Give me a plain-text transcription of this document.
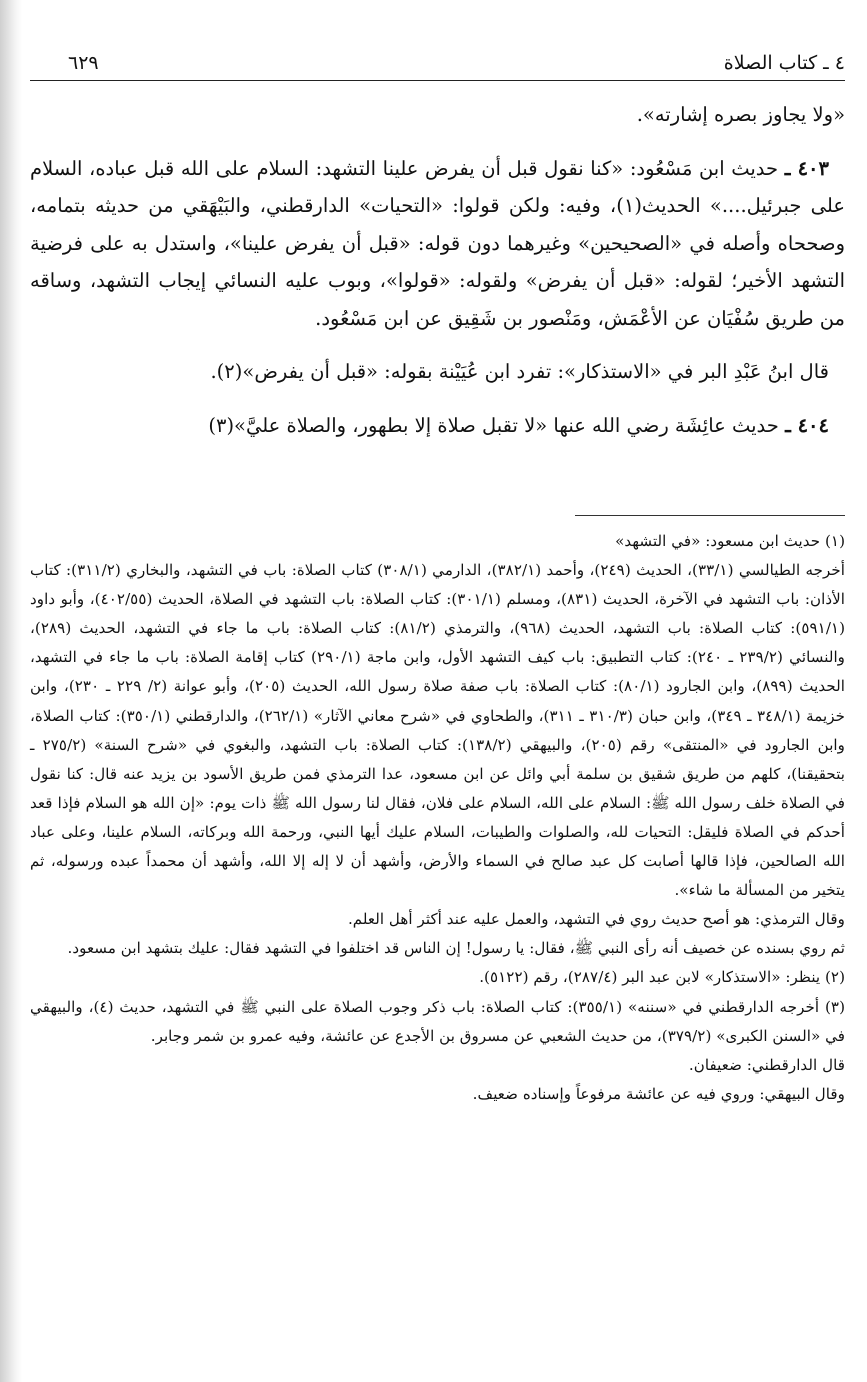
٤ ـ كتاب الصلاة
٦٢٩

«ولا يجاوز بصره إشارته».

٤٠٣ ـ حديث ابن مَسْعُود: «كنا نقول قبل أن يفرض علينا التشهد: السلام على الله قبل عباده، السلام على جبرئيل....» الحديث(١)، وفيه: ولكن قولوا: «التحيات» الدارقطني، والبَيْهَقي من حديثه بتمامه، وصححاه وأصله في «الصحيحين» وغيرهما دون قوله: «قبل أن يفرض علينا»، واستدل به على فرضية التشهد الأخير؛ لقوله: «قبل أن يفرض» ولقوله: «قولوا»، وبوب عليه النسائي إيجاب التشهد، وساقه من طريق سُفْيَان عن الأعْمَش، ومَنْصور بن شَقِيق عن ابن مَسْعُود.

قال ابنُ عَبْدِ البر في «الاستذكار»: تفرد ابن عُيَيْنة بقوله: «قبل أن يفرض»(٢).

٤٠٤ ـ حديث عائِشَة رضي الله عنها «لا تقبل صلاة إلا بطهور، والصلاة عليَّ»(٣)

(١) حديث ابن مسعود: «في التشهد»
أخرجه الطيالسي (٣٣/١)، الحديث (٢٤٩)، وأحمد (٣٨٢/١)، الدارمي (٣٠٨/١) كتاب الصلاة: باب في التشهد، والبخاري (٣١١/٢): كتاب الأذان: باب التشهد في الآخرة، الحديث (٨٣١)، ومسلم (٣٠١/١): كتاب الصلاة: باب التشهد في الصلاة، الحديث (٤٠٢/٥٥)، وأبو داود (٥٩١/١): كتاب الصلاة: باب التشهد، الحديث (٩٦٨)، والترمذي (٨١/٢): كتاب الصلاة: باب ما جاء في التشهد، الحديث (٢٨٩)، والنسائي (٢٣٩/٢ ـ ٢٤٠): كتاب التطبيق: باب كيف التشهد الأول، وابن ماجة (٢٩٠/١) كتاب إقامة الصلاة: باب ما جاء في التشهد، الحديث (٨٩٩)، وابن الجارود (٨٠/١): كتاب الصلاة: باب صفة صلاة رسول الله، الحديث (٢٠٥)، وأبو عوانة (٢/ ٢٢٩ ـ ٢٣٠)، وابن خزيمة (٣٤٨/١ ـ ٣٤٩)، وابن حبان (٣١٠/٣ ـ ٣١١)، والطحاوي في «شرح معاني الآثار» (٢٦٢/١)، والدارقطني (٣٥٠/١): كتاب الصلاة، وابن الجارود في «المنتقى» رقم (٢٠٥)، والبيهقي (١٣٨/٢): كتاب الصلاة: باب التشهد، والبغوي في «شرح السنة» (٢٧٥/٢ ـ بتحقيقنا)، كلهم من طريق شقيق بن سلمة أبي وائل عن ابن مسعود، عدا الترمذي فمن طريق الأسود بن يزيد عنه قال: كنا نقول في الصلاة خلف رسول الله ﷺ: السلام على الله، السلام على فلان، فقال لنا رسول الله ﷺ ذات يوم: «إن الله هو السلام فإذا قعد أحدكم في الصلاة فليقل: التحيات لله، والصلوات والطيبات، السلام عليك أيها النبي، ورحمة الله وبركاته، السلام علينا، وعلى عباد الله الصالحين، فإذا قالها أصابت كل عبد صالح في السماء والأرض، وأشهد أن لا إله إلا الله، وأشهد أن محمداً عبده ورسوله، ثم يتخير من المسألة ما شاء».
وقال الترمذي: هو أصح حديث روي في التشهد، والعمل عليه عند أكثر أهل العلم.
ثم روي بسنده عن خصيف أنه رأى النبي ﷺ، فقال: يا رسول! إن الناس قد اختلفوا في التشهد فقال: عليك بتشهد ابن مسعود.
(٢) ينظر: «الاستذكار» لابن عبد البر (٢٨٧/٤)، رقم (٥١٢٢).
(٣) أخرجه الدارقطني في «سننه» (٣٥٥/١): كتاب الصلاة: باب ذكر وجوب الصلاة على النبي ﷺ في التشهد، حديث (٤)، والبيهقي في «السنن الكبرى» (٣٧٩/٢)، من حديث الشعبي عن مسروق بن الأجدع عن عائشة، وفيه عمرو بن شمر وجابر.
قال الدارقطني: ضعيفان.
وقال البيهقي: وروي فيه عن عائشة مرفوعاً وإسناده ضعيف.
